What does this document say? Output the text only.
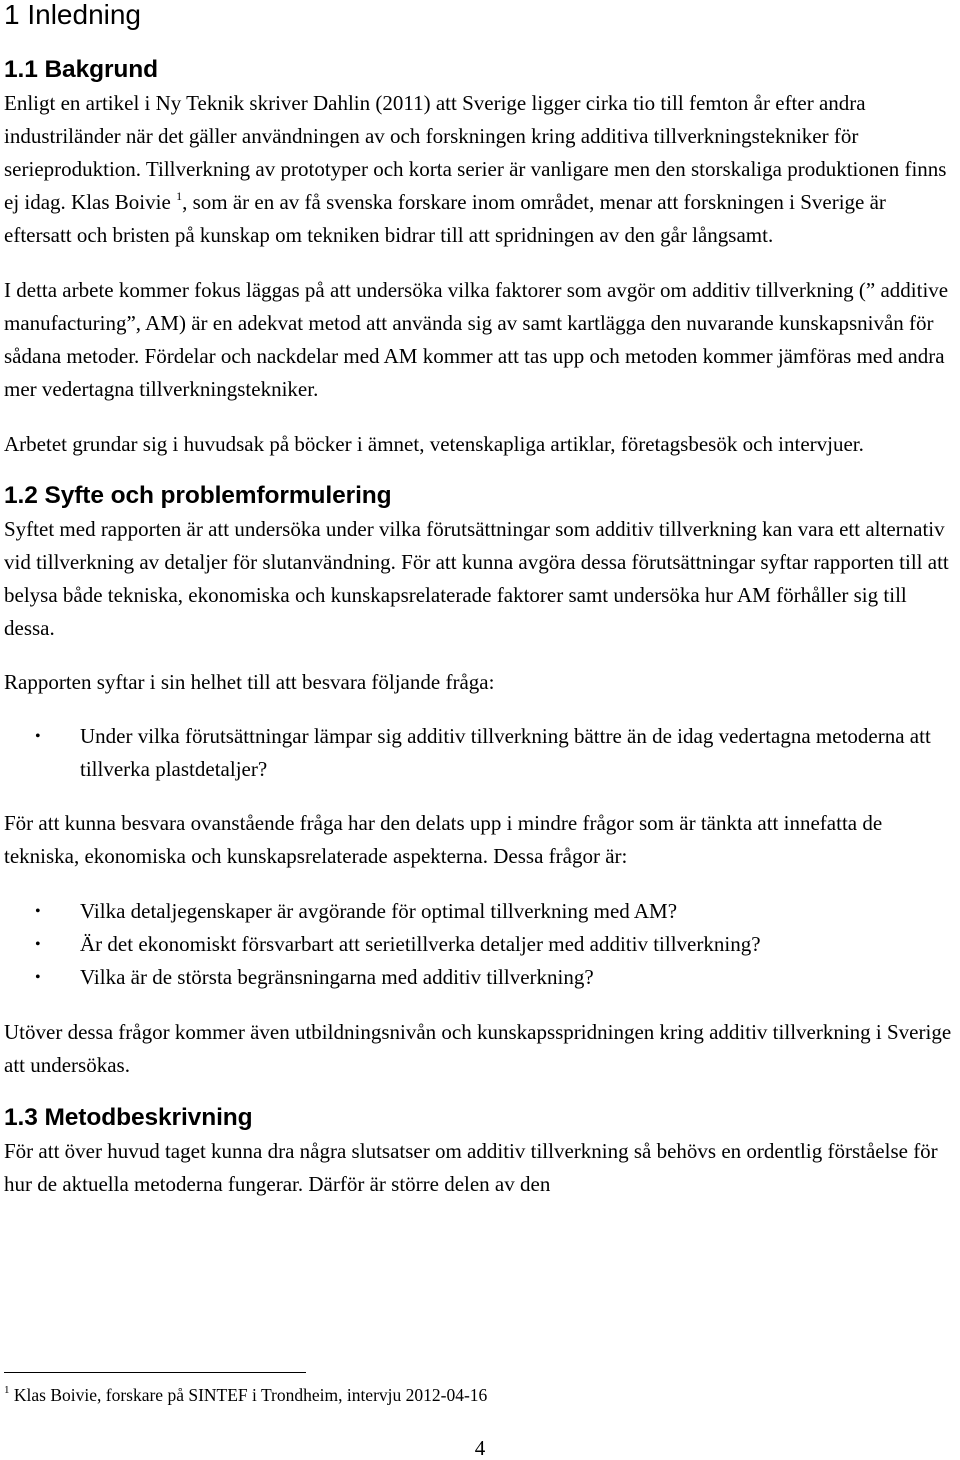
1 Inledning
1.1 Bakgrund

Enligt en artikel i Ny Teknik skriver Dahlin (2011) att Sverige ligger cirka tio till femton år efter andra industriländer när det gäller användningen av och forskningen kring additiva tillverkningstekniker för serieproduktion. Tillverkning av prototyper och korta serier är vanligare men den storskaliga produktionen finns ej idag. Klas Boivie $^1$, som är en av få svenska forskare inom området, menar att forskningen i Sverige är eftersatt och bristen på kunskap om tekniken bidrar till att spridningen av den går långsamt.

I detta arbete kommer fokus läggas på att undersöka vilka faktorer som avgör om additiv tillverkning (” additive manufacturing”, AM) är en adekvat metod att använda sig av samt kartlägga den nuvarande kunskapsnivån för sådana metoder. Fördelar och nackdelar med AM kommer att tas upp och metoden kommer jämföras med andra mer vedertagna tillverkningstekniker.

Arbetet grundar sig i huvudsak på böcker i ämnet, vetenskapliga artiklar, företagsbesök och intervjuer.

1.2 Syfte och problemformulering

Syftet med rapporten är att undersöka under vilka förutsättningar som additiv tillverkning kan vara ett alternativ vid tillverkning av detaljer för slutanvändning. För att kunna avgöra dessa förutsättningar syftar rapporten till att belysa både tekniska, ekonomiska och kunskapsrelaterade faktorer samt undersöka hur AM förhåller sig till dessa.

Rapporten syftar i sin helhet till att besvara följande fråga:

• Under vilka förutsättningar lämpar sig additiv tillverkning bättre än de idag vedertagna metoderna att tillverka plastdetaljer?

För att kunna besvara ovanstående fråga har den delats upp i mindre frågor som är tänkta att innefatta de tekniska, ekonomiska och kunskapsrelaterade aspekterna. Dessa frågor är:

• Vilka detaljegenskaper är avgörande för optimal tillverkning med AM?
• Är det ekonomiskt försvarbart att serietillverka detaljer med additiv tillverkning?
• Vilka är de största begränsningarna med additiv tillverkning?

Utöver dessa frågor kommer även utbildningsnivån och kunskapsspridningen kring additiv tillverkning i Sverige att undersökas.

1.3 Metodbeskrivning

För att över huvud taget kunna dra några slutsatser om additiv tillverkning så behövs en ordentlig förståelse för hur de aktuella metoderna fungerar. Därför är större delen av den

$^1$ Klas Boivie, forskare på SINTEF i Trondheim, intervju 2012-04-16
4
